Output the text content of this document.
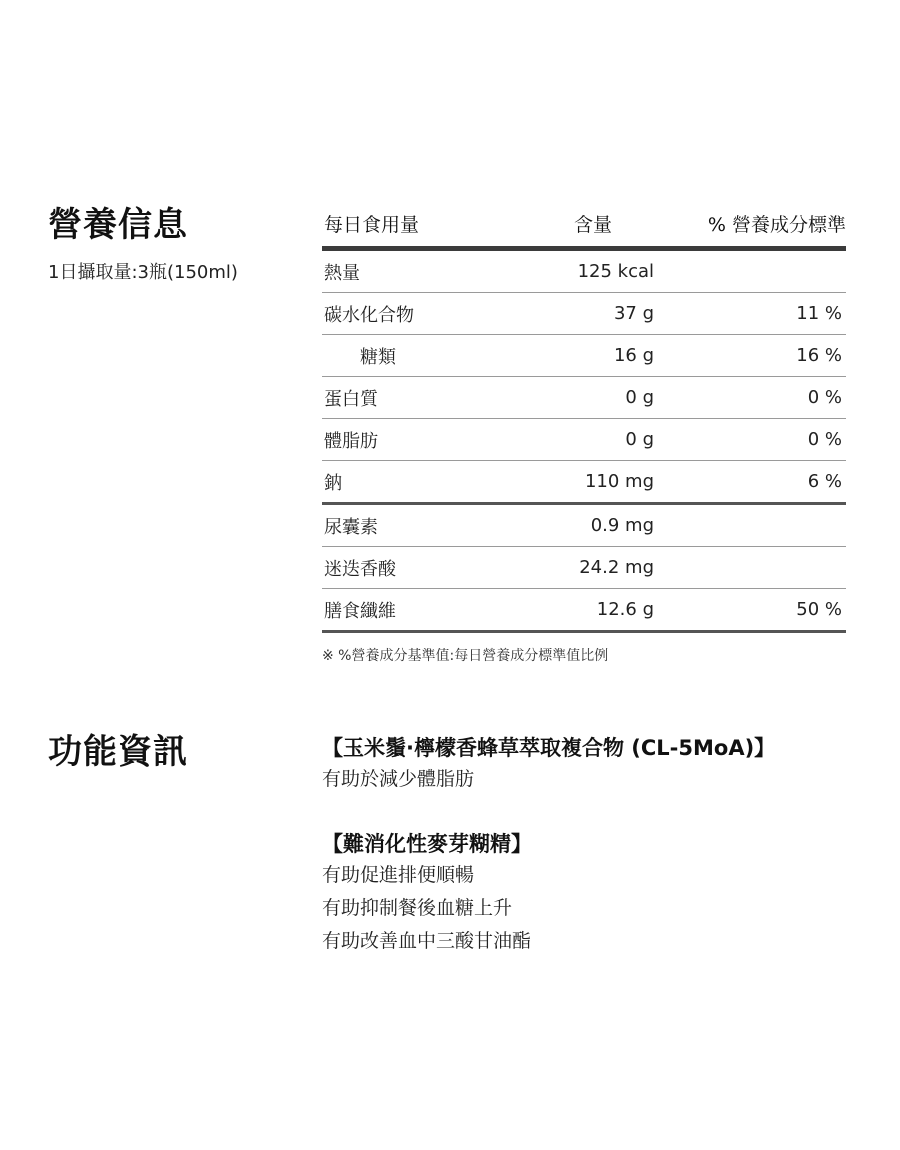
營養信息
1日攝取量:3瓶(150ml)
每日食用量	含量	% 營養成分標準
熱量	125 kcal
碳水化合物	37 g	11 %
糖類	16 g	16 %
蛋白質	0 g	0 %
體脂肪	0 g	0 %
鈉	110 mg	6 %
尿囊素	0.9 mg
迷迭香酸	24.2 mg
膳食纖維	12.6 g	50 %
※ %營養成分基準值:每日營養成分標準值比例
功能資訊	【玉米鬚·檸檬香蜂草萃取複合物 (CL-5MoA)】
有助於減少體脂肪
【難消化性麥芽糊精】
有助促進排便順暢
有助抑制餐後血糖上升
有助改善血中三酸甘油酯
